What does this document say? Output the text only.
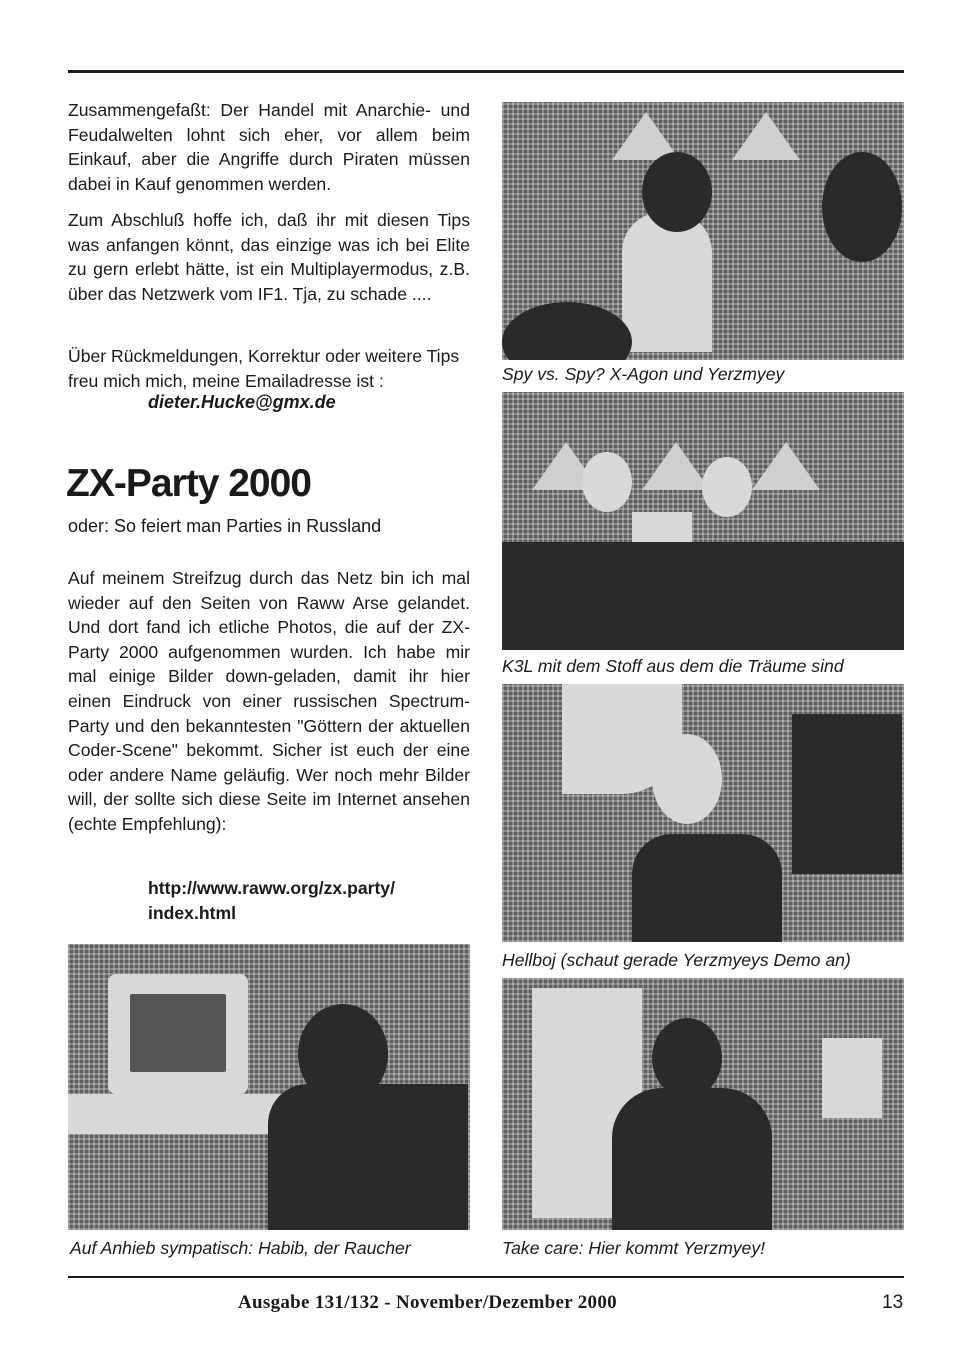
Zusammengefaßt: Der Handel mit Anarchie- und Feudalwelten lohnt sich eher, vor allem beim Einkauf, aber die Angriffe durch Piraten müssen dabei in Kauf genommen werden.

Zum Abschluß hoffe ich, daß ihr mit diesen Tips was anfangen könnt, das einzige was ich bei Elite zu gern erlebt hätte, ist ein Multiplayermodus, z.B. über das Netzwerk vom IF1. Tja, zu schade ....

Über Rückmeldungen, Korrektur oder weitere Tips freu mich mich, meine Emailadresse ist :

dieter.Hucke@gmx.de
ZX-Party 2000
oder: So feiert man Parties in Russland

Auf meinem Streifzug durch das Netz bin ich mal wieder auf den Seiten von Raww Arse gelandet. Und dort fand ich etliche Photos, die auf der ZX-Party 2000 aufgenommen wurden. Ich habe mir mal einige Bilder down-geladen, damit ihr hier einen Eindruck von einer russischen Spectrum-Party und den bekanntesten "Göttern der aktuellen Coder-Scene" bekommt. Sicher ist euch der eine oder andere Name geläufig. Wer noch mehr Bilder will, der sollte sich diese Seite im Internet ansehen (echte Empfehlung):

http://www.raww.org/zx.party/
index.html
Spy vs. Spy? X-Agon und Yerzmyey
K3L mit dem Stoff aus dem die Träume sind
Hellboj (schaut gerade Yerzmyeys Demo an)
Take care: Hier kommt Yerzmyey!
Auf Anhieb sympatisch: Habib, der Raucher
Ausgabe 131/132 - November/Dezember 2000	13
